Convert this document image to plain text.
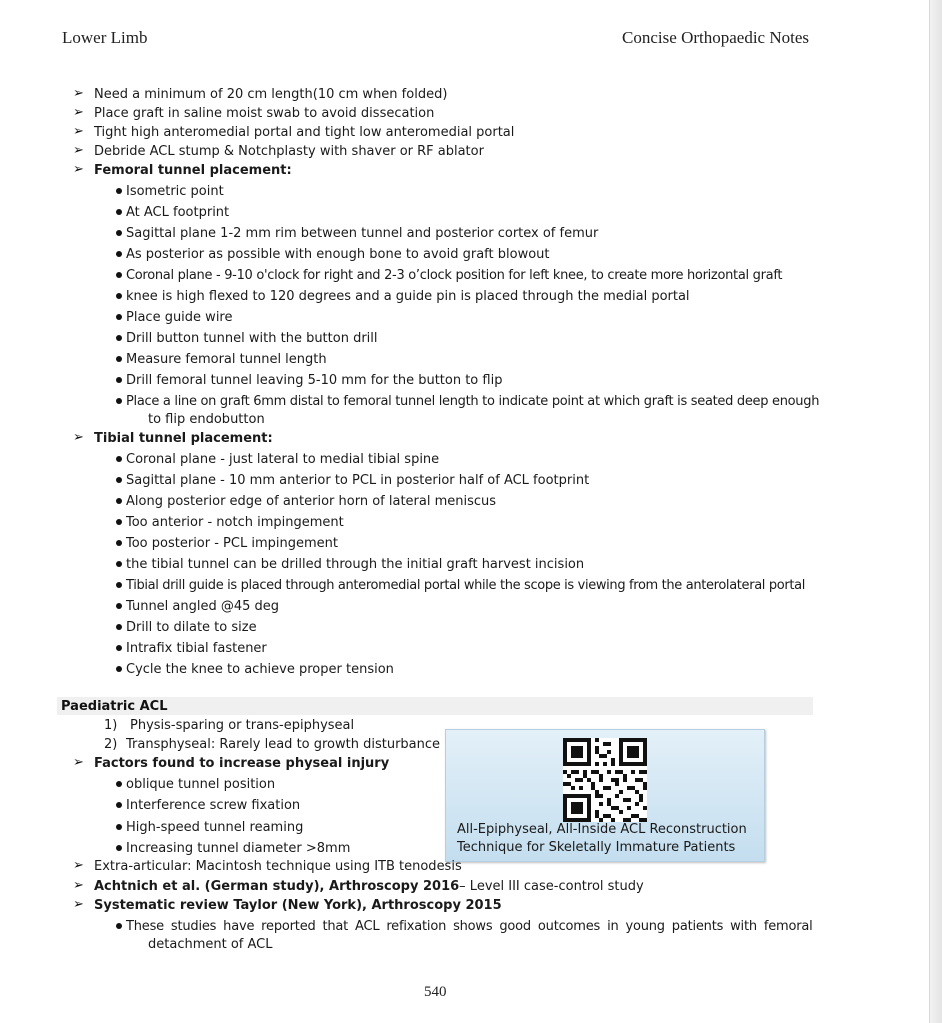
Lower Limb	Concise Orthopaedic Notes
➢ Need a minimum of 20 cm length(10 cm when folded)
➢ Place graft in saline moist swab to avoid dissecation
➢ Tight high anteromedial portal and tight low anteromedial portal
➢ Debride ACL stump & Notchplasty with shaver or RF ablator
➢ Femoral tunnel placement:
Isometric point
At ACL footprint
Sagittal plane 1-2 mm rim between tunnel and posterior cortex of femur
As posterior as possible with enough bone to avoid graft blowout
Coronal plane - 9-10 o'clock for right and 2-3 o’clock position for left knee, to create more horizontal graft
knee is high flexed to 120 degrees and a guide pin is placed through the medial portal
Place guide wire
Drill button tunnel with the button drill
Measure femoral tunnel length
Drill femoral tunnel leaving 5-10 mm for the button to flip
Place a line on graft 6mm distal to femoral tunnel length to indicate point at which graft is seated deep enough
to flip endobutton
➢ Tibial tunnel placement:
Coronal plane - just lateral to medial tibial spine
Sagittal plane - 10 mm anterior to PCL in posterior half of ACL footprint
Along posterior edge of anterior horn of lateral meniscus
Too anterior - notch impingement
Too posterior - PCL impingement
the tibial tunnel can be drilled through the initial graft harvest incision
Tibial drill guide is placed through anteromedial portal while the scope is viewing from the anterolateral portal
Tunnel angled @45 deg
Drill to dilate to size
Intrafix tibial fastener
Cycle the knee to achieve proper tension
Paediatric ACL
1) Physis-sparing or trans-epiphyseal
2) Transphyseal: Rarely lead to growth disturbance
➢ Factors found to increase physeal injury
oblique tunnel position
Interference screw fixation
High-speed tunnel reaming
Increasing tunnel diameter >8mm
All-Epiphyseal, All-Inside ACL Reconstruction
Technique for Skeletally Immature Patients
➢ Extra-articular: Macintosh technique using ITB tenodesis
➢ Achtnich et al. (German study), Arthroscopy 2016– Level III case-control study
➢ Systematic review Taylor (New York), Arthroscopy 2015
These studies have reported that ACL refixation shows good outcomes in young patients with femoral
detachment of ACL
540
